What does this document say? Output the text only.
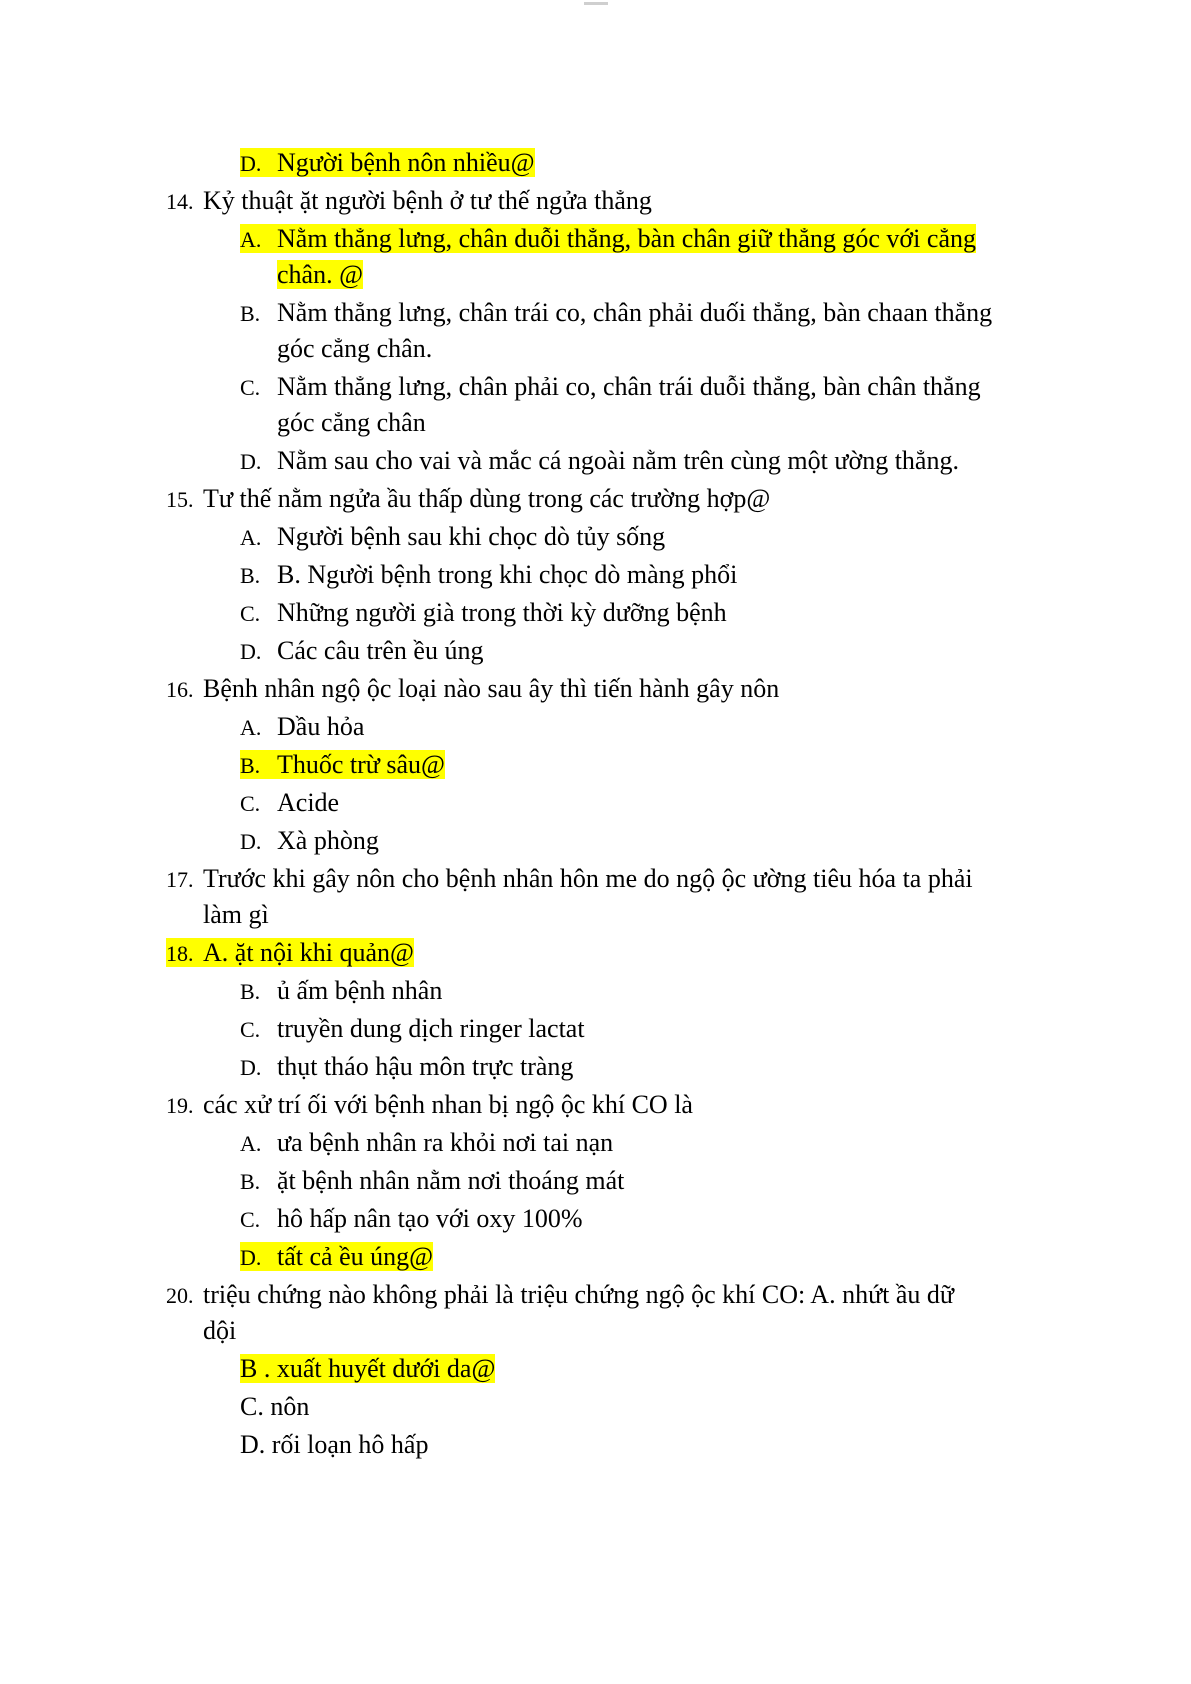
D. Người bệnh nôn nhiều@
14. Kỷ thuật ặt người bệnh ở tư thế ngửa thẳng
A. Nằm thẳng lưng, chân duỗi thẳng, bàn chân giữ thẳng góc với cẳng
chân. @
B. Nằm thẳng lưng, chân trái co, chân phải duối thẳng, bàn chaan thẳng
góc cẳng chân.
C. Nằm thẳng lưng, chân phải co, chân trái duỗi thẳng, bàn chân thẳng
góc cẳng chân
D. Nằm sau cho vai và mắc cá ngoài nằm trên cùng một ường thẳng.
15. Tư thế nằm ngửa ầu thấp dùng trong các trường hợp@
A. Người bệnh sau khi chọc dò tủy sống
B. B. Người bệnh trong khi chọc dò màng phổi
C. Những người già trong thời kỳ dưỡng bệnh
D. Các câu trên ều úng
16. Bệnh nhân ngộ ộc loại nào sau ây thì tiến hành gây nôn
A. Dầu hỏa
B. Thuốc trừ sâu@
C. Acide
D. Xà phòng
17. Trước khi gây nôn cho bệnh nhân hôn me do ngộ ộc ường tiêu hóa ta phải
làm gì
18. A. ặt nội khi quản@
B. ủ ấm bệnh nhân
C. truyền dung dịch ringer lactat
D. thụt tháo hậu môn trực tràng
19. các xử trí ối với bệnh nhan bị ngộ ộc khí CO là
A. ưa bệnh nhân ra khỏi nơi tai nạn
B. ặt bệnh nhân nằm nơi thoáng mát
C. hô hấp nân tạo với oxy 100%
D. tất cả ều úng@
20. triệu chứng nào không phải là triệu chứng ngộ ộc khí CO: A. nhứt ầu dữ
dội
B . xuất huyết dưới da@
C. nôn
D. rối loạn hô hấp
